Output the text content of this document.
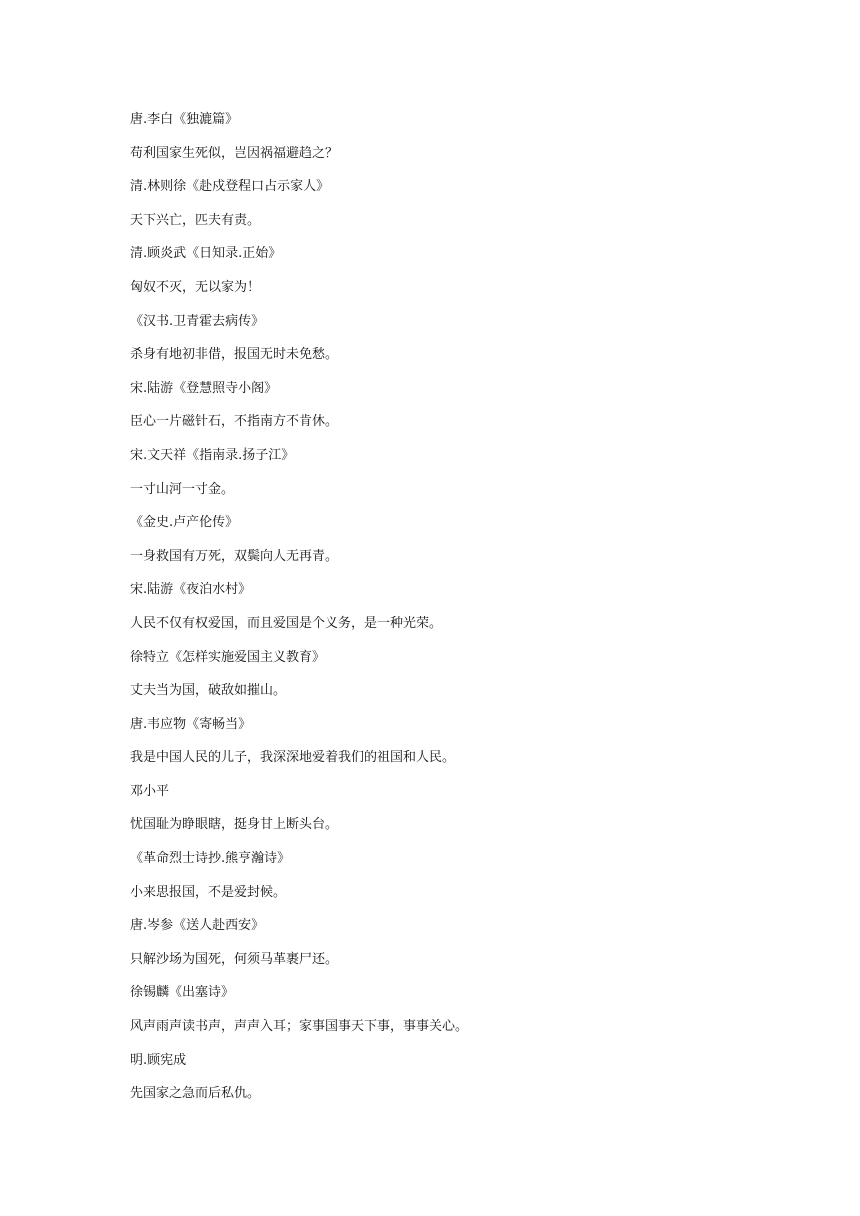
唐.李白《独漉篇》
苟利国家生死似，岂因祸福避趋之？
清.林则徐《赴戍登程口占示家人》
天下兴亡，匹夫有责。
清.顾炎武《日知录.正始》
匈奴不灭，无以家为！
《汉书.卫青霍去病传》
杀身有地初非借，报国无时未免愁。
宋.陆游《登慧照寺小阁》
臣心一片磁针石，不指南方不肯休。
宋.文天祥《指南录.扬子江》
一寸山河一寸金。
《金史.卢产伦传》
一身救国有万死，双鬓向人无再青。
宋.陆游《夜泊水村》
人民不仅有权爱国，而且爱国是个义务，是一种光荣。
徐特立《怎样实施爱国主义教育》
丈夫当为国，破敌如摧山。
唐.韦应物《寄畅当》
我是中国人民的儿子，我深深地爱着我们的祖国和人民。
邓小平
忧国耻为睁眼瞎，挺身甘上断头台。
《革命烈士诗抄.熊亨瀚诗》
小来思报国，不是爱封候。
唐.岑参《送人赴西安》
只解沙场为国死，何须马革裹尸还。
徐锡麟《出塞诗》
风声雨声读书声，声声入耳；家事国事天下事，事事关心。
明.顾宪成
先国家之急而后私仇。
